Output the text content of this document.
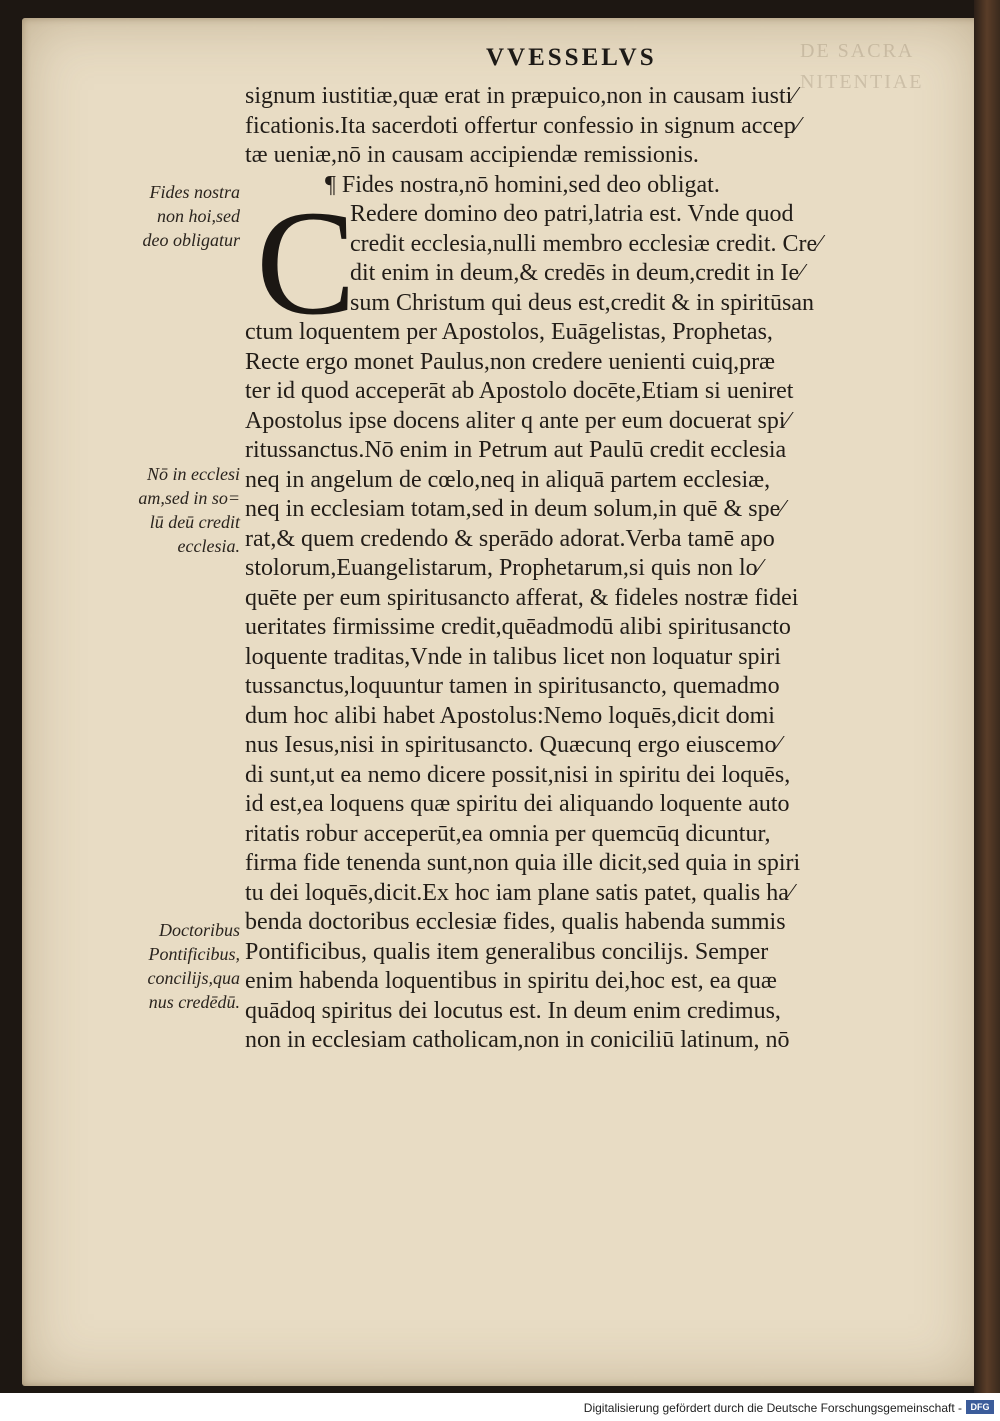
DE SACRA
NITENTIAE
VVESSELVS
C
signum iustitiæ,quæ erat in præpuico,non in causam iusti⁄
ficationis.Ita sacerdoti offertur confessio in signum accep⁄
tæ ueniæ,nō in causam accipiendæ remissionis.
¶ Fides nostra,nō homini,sed deo obligat.
Redere domino deo patri,latria est. Vnde quod
credit ecclesia,nulli membro ecclesiæ credit. Cre⁄
dit enim in deum,& credēs in deum,credit in Ie⁄
sum Christum qui deus est,credit & in spiritūsan
ctum loquentem per Apostolos, Euāgelistas, Prophetas,
Recte ergo monet Paulus,non credere uenienti cuiq,præ
ter id quod acceperāt ab Apostolo docēte,Etiam si ueniret
Apostolus ipse docens aliter q ante per eum docuerat spi⁄
ritussanctus.Nō enim in Petrum aut Paulū credit ecclesia
neq in angelum de cœlo,neq in aliquā partem ecclesiæ,
neq in ecclesiam totam,sed in deum solum,in quē & spe⁄
rat,& quem credendo & sperādo adorat.Verba tamē apo
stolorum,Euangelistarum, Prophetarum,si quis non lo⁄
quēte per eum spiritusancto afferat, & fideles nostræ fidei
ueritates firmissime credit,quēadmodū alibi spiritusancto
loquente traditas,Vnde in talibus licet non loquatur spiri
tussanctus,loquuntur tamen in spiritusancto, quemadmo
dum hoc alibi habet Apostolus:Nemo loquēs,dicit domi
nus Iesus,nisi in spiritusancto. Quæcunq ergo eiuscemo⁄
di sunt,ut ea nemo dicere possit,nisi in spiritu dei loquēs,
id est,ea loquens quæ spiritu dei aliquando loquente auto
ritatis robur acceperūt,ea omnia per quemcūq dicuntur,
firma fide tenenda sunt,non quia ille dicit,sed quia in spiri
tu dei loquēs,dicit.Ex hoc iam plane satis patet, qualis ha⁄
benda doctoribus ecclesiæ fides, qualis habenda summis
Pontificibus, qualis item generalibus concilijs. Semper
enim habenda loquentibus in spiritu dei,hoc est, ea quæ
quādoq spiritus dei locutus est. In deum enim credimus,
non in ecclesiam catholicam,non in coniciliū latinum, nō
Fides nostra
non hoi,sed
deo obligatur
Nō in ecclesi
am,sed in so=
lū deū credit
ecclesia.
Doctoribus
Pontificibus,
concilijs,qua
nus credēdū.
Digitalisierung gefördert durch die Deutsche Forschungsgemeinschaft - DFG
